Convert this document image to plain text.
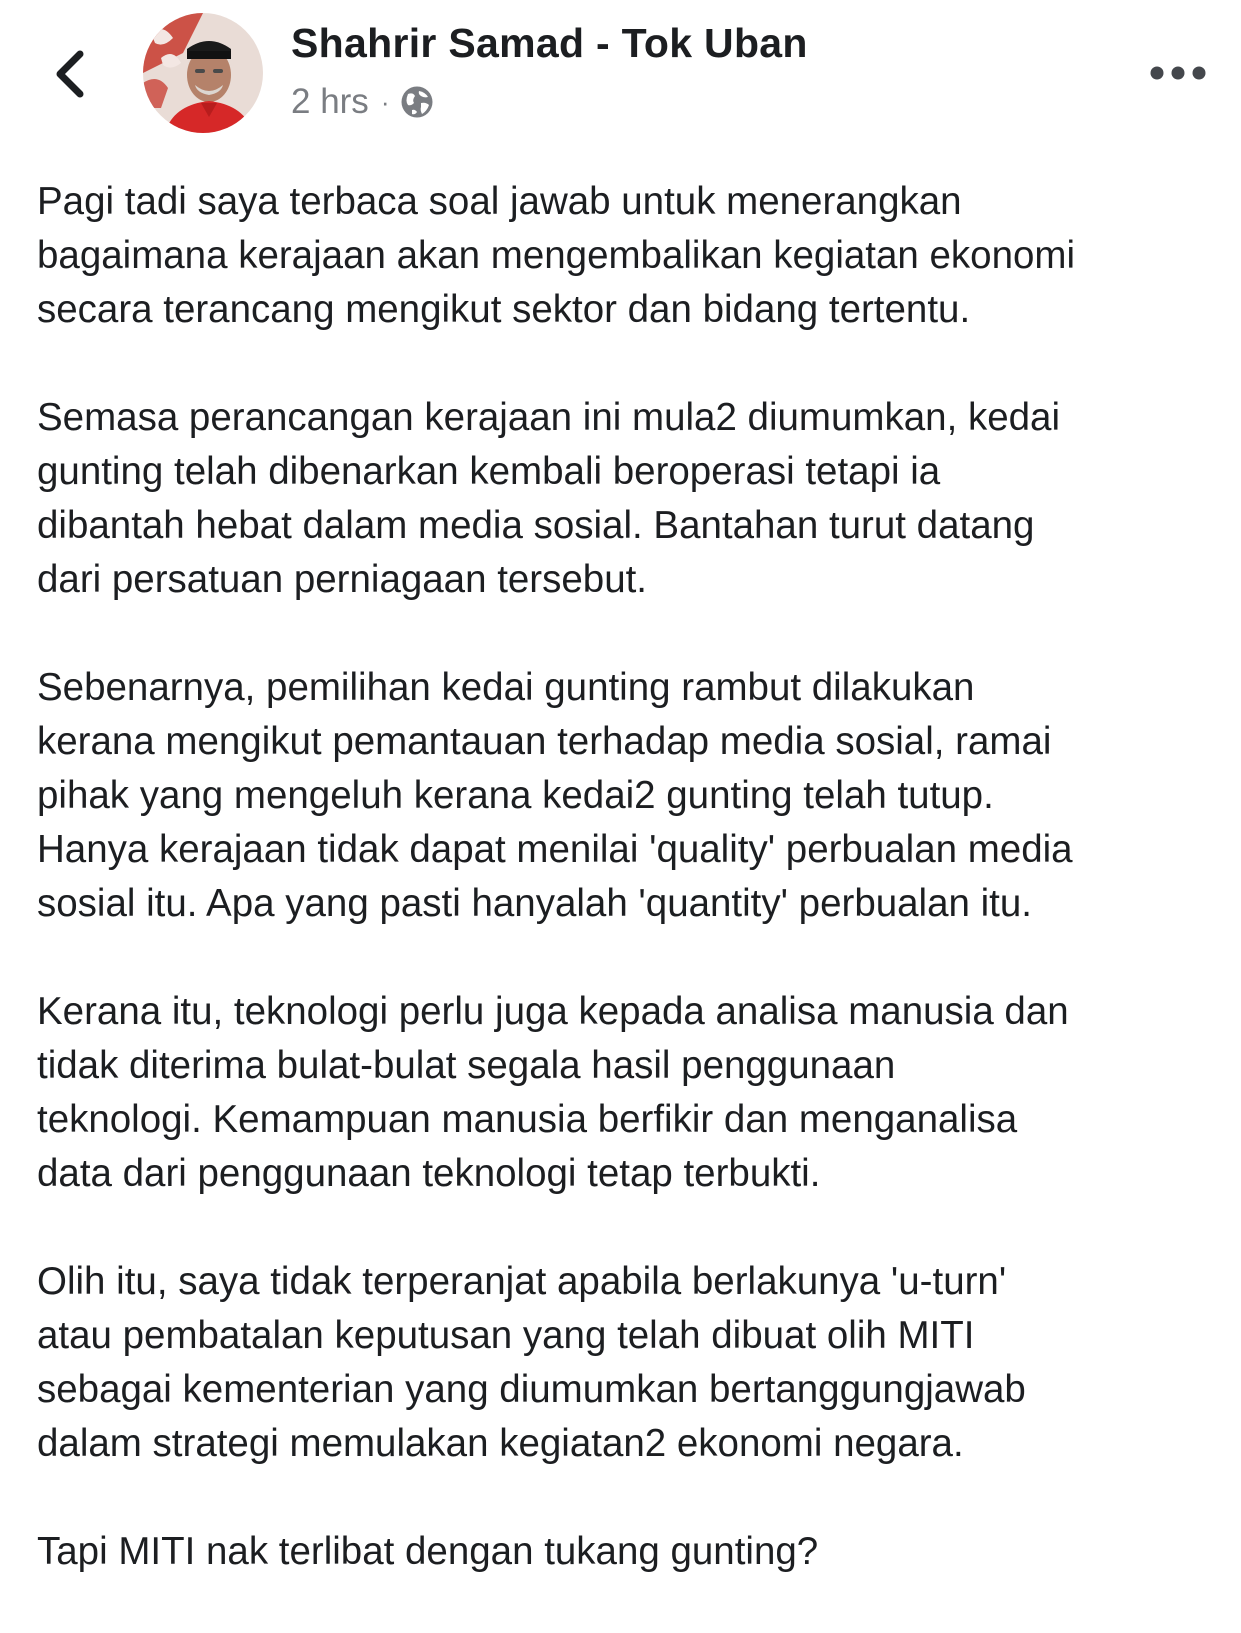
Shahrir Samad - Tok Uban
2 hrs ·

Pagi tadi saya terbaca soal jawab untuk menerangkan
bagaimana kerajaan akan mengembalikan kegiatan ekonomi
secara terancang mengikut sektor dan bidang tertentu.

Semasa perancangan kerajaan ini mula2 diumumkan, kedai
gunting telah dibenarkan kembali beroperasi tetapi ia
dibantah hebat dalam media sosial. Bantahan turut datang
dari persatuan perniagaan tersebut.

Sebenarnya, pemilihan kedai gunting rambut dilakukan
kerana mengikut pemantauan terhadap media sosial, ramai
pihak yang mengeluh kerana kedai2 gunting telah tutup.
Hanya kerajaan tidak dapat menilai 'quality' perbualan media
sosial itu. Apa yang pasti hanyalah 'quantity' perbualan itu.

Kerana itu, teknologi perlu juga kepada analisa manusia dan
tidak diterima bulat-bulat segala hasil penggunaan
teknologi. Kemampuan manusia berfikir dan menganalisa
data dari penggunaan teknologi tetap terbukti.

Olih itu, saya tidak terperanjat apabila berlakunya 'u-turn'
atau pembatalan keputusan yang telah dibuat olih MITI
sebagai kementerian yang diumumkan bertanggungjawab
dalam strategi memulakan kegiatan2 ekonomi negara.

Tapi MITI nak terlibat dengan tukang gunting?
